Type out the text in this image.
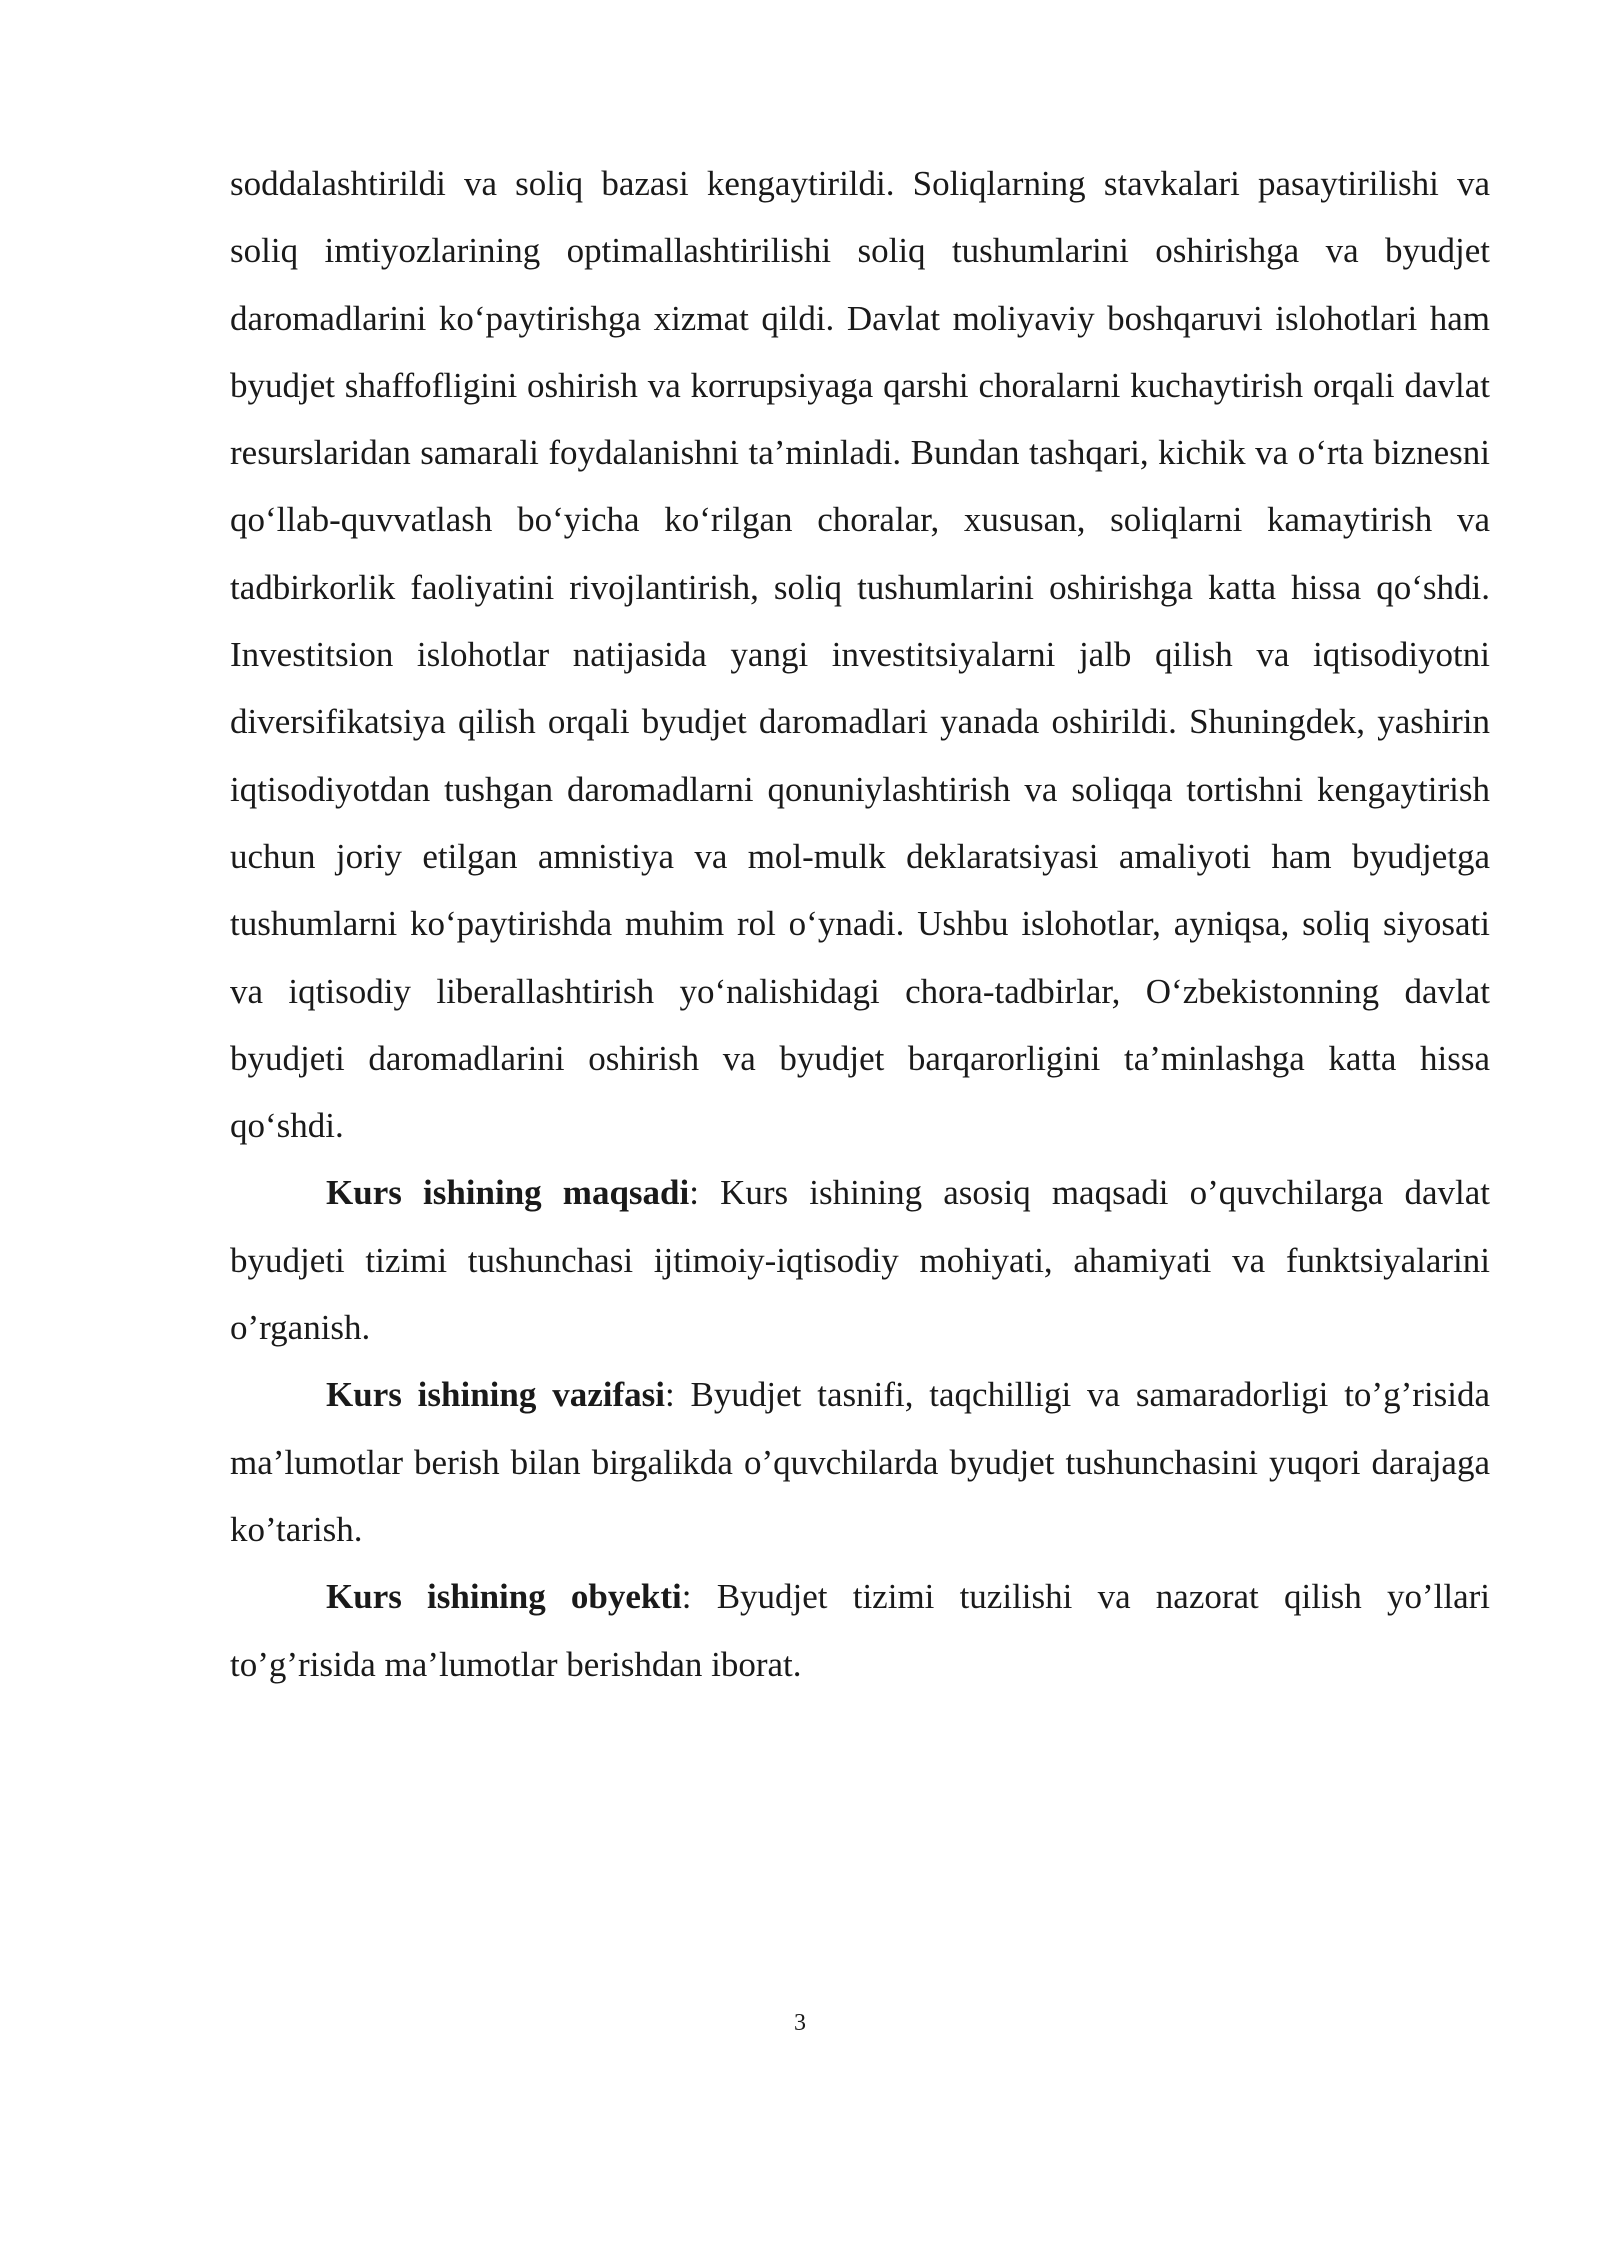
soddalashtirildi va soliq bazasi kengaytirildi. Soliqlarning stavkalari pasaytirilishi va soliq imtiyozlarining optimallashtirilishi soliq tushumlarini oshirishga va byudjet daromadlarini ko‘paytirishga xizmat qildi. Davlat moliyaviy boshqaruvi islohotlari ham byudjet shaffofligini oshirish va korrupsiyaga qarshi choralarni kuchaytirish orqali davlat resurslaridan samarali foydalanishni ta’minladi. Bundan tashqari, kichik va o‘rta biznesni qo‘llab-quvvatlash bo‘yicha ko‘rilgan choralar, xususan, soliqlarni kamaytirish va tadbirkorlik faoliyatini rivojlantirish, soliq tushumlarini oshirishga katta hissa qo‘shdi. Investitsion islohotlar natijasida yangi investitsiyalarni jalb qilish va iqtisodiyotni diversifikatsiya qilish orqali byudjet daromadlari yanada oshirildi. Shuningdek, yashirin iqtisodiyotdan tushgan daromadlarni qonuniylashtirish va soliqqa tortishni kengaytirish uchun joriy etilgan amnistiya va mol-mulk deklaratsiyasi amaliyoti ham byudjetga tushumlarni ko‘paytirishda muhim rol o‘ynadi. Ushbu islohotlar, ayniqsa, soliq siyosati va iqtisodiy liberallashtirish yo‘nalishidagi chora-tadbirlar, O‘zbekistonning davlat byudjeti daromadlarini oshirish va byudjet barqarorligini ta’minlashga katta hissa qo‘shdi.

Kurs ishining maqsadi: Kurs ishining asosiq maqsadi o’quvchilarga davlat byudjeti tizimi tushunchasi ijtimoiy-iqtisodiy mohiyati, ahamiyati va funktsiyalarini o’rganish.

Kurs ishining vazifasi: Byudjet tasnifi, taqchilligi va samaradorligi to’g’risida ma’lumotlar berish bilan birgalikda o’quvchilarda byudjet tushunchasini yuqori darajaga ko’tarish.

Kurs ishining obyekti: Byudjet tizimi tuzilishi va nazorat qilish yo’llari to’g’risida ma’lumotlar berishdan iborat.

3
